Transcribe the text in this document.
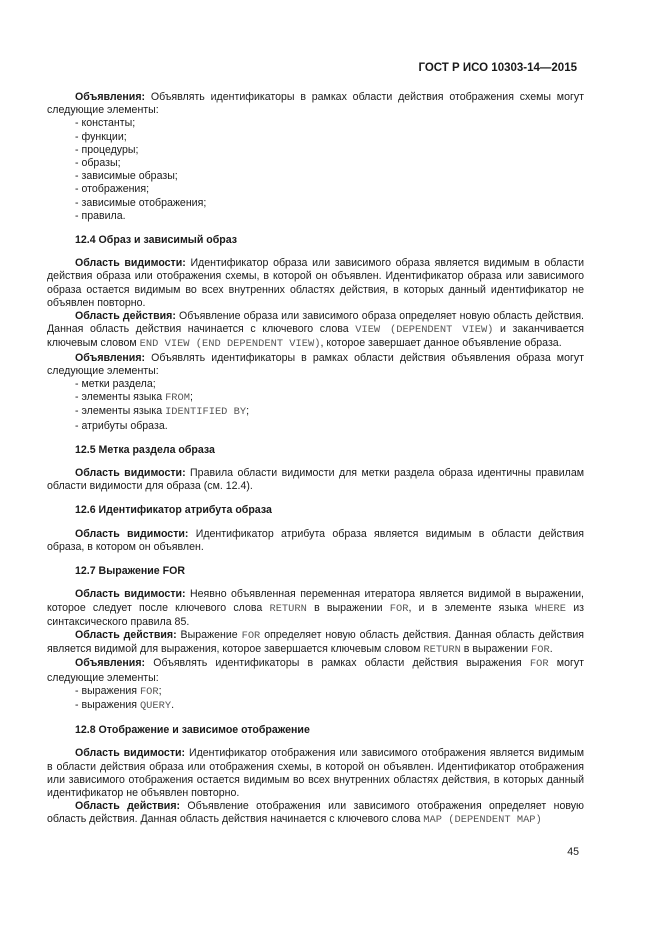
ГОСТ Р ИСО 10303-14—2015

Объявления: Объявлять идентификаторы в рамках области действия отображения схемы могут следующие элементы:

- константы;
- функции;
- процедуры;
- образы;
- зависимые образы;
- отображения;
- зависимые отображения;
- правила.
12.4 Образ и зависимый образ

Область видимости: Идентификатор образа или зависимого образа является видимым в области действия образа или отображения схемы, в которой он объявлен. Идентификатор образа или зависимого образа остается видимым во всех внутренних областях действия, в которых данный идентификатор не объявлен повторно.

Область действия: Объявление образа или зависимого образа определяет новую область действия. Данная область действия начинается с ключевого слова VIEW (DEPENDENT VIEW) и заканчивается ключевым словом END VIEW (END DEPENDENT VIEW), которое завершает данное объявление образа.

Объявления: Объявлять идентификаторы в рамках области действия объявления образа могут следующие элементы:

- метки раздела;
- элементы языка FROM;
- элементы языка IDENTIFIED BY;
- атрибуты образа.
12.5 Метка раздела образа

Область видимости: Правила области видимости для метки раздела образа идентичны правилам области видимости для образа (см. 12.4).

12.6 Идентификатор атрибута образа

Область видимости: Идентификатор атрибута образа является видимым в области действия образа, в котором он объявлен.

12.7 Выражение FOR

Область видимости: Неявно объявленная переменная итератора является видимой в выражении, которое следует после ключевого слова RETURN в выражении FOR, и в элементе языка WHERE из синтаксического правила 85.

Область действия: Выражение FOR определяет новую область действия. Данная область действия является видимой для выражения, которое завершается ключевым словом RETURN в выражении FOR.

Объявления: Объявлять идентификаторы в рамках области действия выражения FOR могут следующие элементы:

- выражения FOR;
- выражения QUERY.
12.8 Отображение и зависимое отображение

Область видимости: Идентификатор отображения или зависимого отображения является видимым в области действия образа или отображения схемы, в которой он объявлен. Идентификатор отображения или зависимого отображения остается видимым во всех внутренних областях действия, в которых данный идентификатор не объявлен повторно.

Область действия: Объявление отображения или зависимого отображения определяет новую область действия. Данная область действия начинается с ключевого слова MAP (DEPENDENT MAP)

45
